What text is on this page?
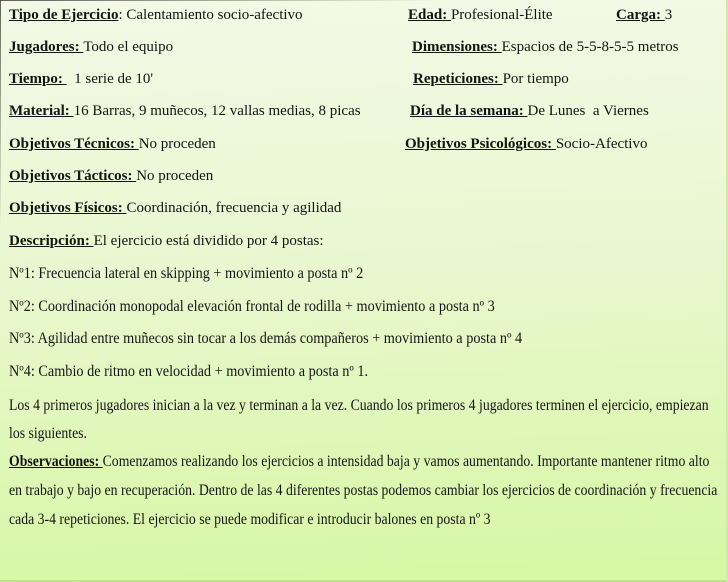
Tipo de Ejercicio: Calentamiento socio-afectivo	Edad: Profesional-Élite	Carga: 3
Jugadores: Todo el equipo	Dimensiones: Espacios de 5-5-8-5-5 metros
Tiempo:   1 serie de 10'	Repeticiones: Por tiempo
Material: 16 Barras, 9 muñecos, 12 vallas medias, 8 picas	Día de la semana: De Lunes  a Viernes
Objetivos Técnicos: No proceden	Objetivos Psicológicos: Socio-Afectivo
Objetivos Tácticos: No proceden
Objetivos Físicos: Coordinación, frecuencia y agilidad
Descripción: El ejercicio está dividido por 4 postas:
Nº1: Frecuencia lateral en skipping + movimiento a posta nº 2
Nº2: Coordinación monopodal elevación frontal de rodilla + movimiento a posta nº 3
Nº3: Agilidad entre muñecos sin tocar a los demás compañeros + movimiento a posta nº 4
Nº4: Cambio de ritmo en velocidad + movimiento a posta nº 1.
Los 4 primeros jugadores inician a la vez y terminan a la vez. Cuando los primeros 4 jugadores terminen el ejercicio, empiezan los siguientes.
Observaciones: Comenzamos realizando los ejercicios a intensidad baja y vamos aumentando. Importante mantener ritmo alto en trabajo y bajo en recuperación. Dentro de las 4 diferentes postas podemos cambiar los ejercicios de coordinación y frecuencia cada 3-4 repeticiones. El ejercicio se puede modificar e introducir balones en posta nº 3
